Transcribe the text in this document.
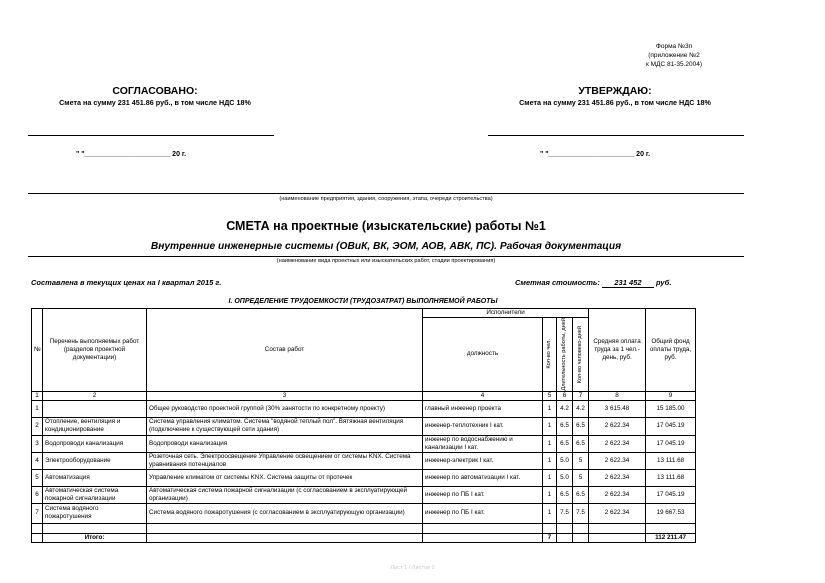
Форма №3п
(приложение №2
к МДС 81-35.2004)
СОГЛАСОВАНО:
Смета на сумму 231 451.86 руб., в том числе НДС 18%
" "______________________ 20 г.
УТВЕРЖДАЮ:
Смета на сумму 231 451.86 руб., в том числе НДС 18%
" "______________________ 20 г.
(наименование предприятия, здания, сооружения, этапа, очереди строительства)
СМЕТА на проектные (изыскательские) работы №1
Внутренние инженерные системы (ОВиК, ВК, ЭОМ, АОВ, АВК, ПС). Рабочая документация
(наименование вида проектных или изыскательских работ, стадии проектирования)
Составлена в текущих ценах на I квартал 2015 г.	Сметная стоимость: 231 452 руб.
I. ОПРЕДЕЛЕНИЕ ТРУДОЕМКОСТИ (ТРУДОЗАТРАТ) ВЫПОЛНЯЕМОЙ РАБОТЫ
№	Перечень выполняемых работ (разделов проектной документации)	Состав работ	Исполнители				Средняя оплата труда за 1 чел.-день, руб.	Общий фонд оплаты труда, руб.
			должность	Кол-во чел.	Длительность работы, дней	Кол-во человеко-дней		

1	2	3	4	5	6	7	8	9
1		Общее руководство проектной группой (30% занятости по конкретному проекту)	главный инженер проекта	1	4.2	4.2	3 615.48	15 185.00
2	Отопление, вентиляция и кондиционирование	Система управления климатом. Система "водяной теплый пол". Вятяжная вентиляция (подключение к существующей сети здания)	инженер-теплотехник I кат.	1	6.5	6.5	2 622.34	17 045.19
3	Водопроводи канализация	Водопроводи канализация	инженер по водоснабжению и канализации I кат.	1	6.5	6.5	2 622.34	17 045.19
4	Электрооборудование	Розеточная сеть. Электроосвещение Управление освещением от системы KNX. Система уравнивания потенциалов	инженер-электрик I кат.	1	5.0	5	2 622.34	13 111.68
5	Автоматизация	Управление климатом от системы KNX. Система защиты от протечек	инженер по автоматизации I кат.	1	5.0	5	2 622.34	13 111.68
6	Автоматическая система пожарной сигнализации	Автоматическая система пожарной сигнализации (с согласованием в эксплуатирующей организации)	инженер по ПБ I кат.	1	6.5	6.5	2 622.34	17 045.19
7	Система водяного пожаротушения	Система водяного пожаротушения (с согласованием в эксплуатирующую организации)	инженер по ПБ I кат.	1	7.5	7.5	2 622.34	19 667.53

	Итого:			7				112 211.47
Лист 1 / Листов 2
